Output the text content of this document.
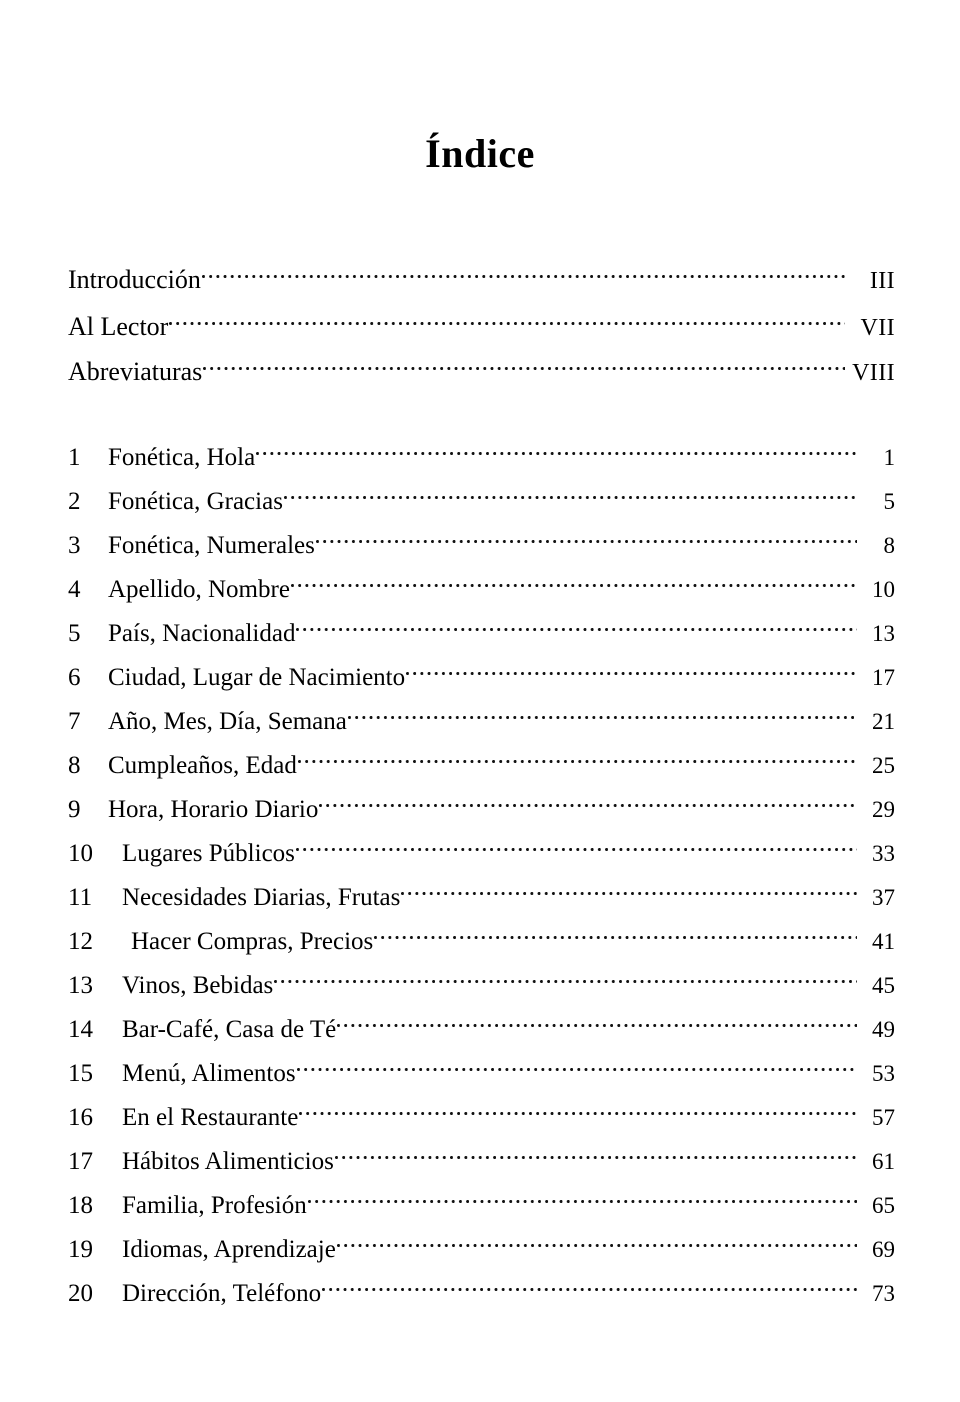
Índice
Introducción	III
Al Lector	VII
Abreviaturas	VIII
1	Fonética, Hola	1
2	Fonética, Gracias	5
3	Fonética, Numerales	8
4	Apellido, Nombre	10
5	País, Nacionalidad	13
6	Ciudad, Lugar de Nacimiento	17
7	Año, Mes, Día, Semana	21
8	Cumpleaños, Edad	25
9	Hora, Horario Diario	29
10	Lugares Públicos	33
11	Necesidades Diarias, Frutas	37
12	Hacer Compras, Precios	41
13	Vinos, Bebidas	45
14	Bar-Café, Casa de Té	49
15	Menú, Alimentos	53
16	En el Restaurante	57
17	Hábitos Alimenticios	61
18	Familia, Profesión	65
19	Idiomas, Aprendizaje	69
20	Dirección, Teléfono	73
